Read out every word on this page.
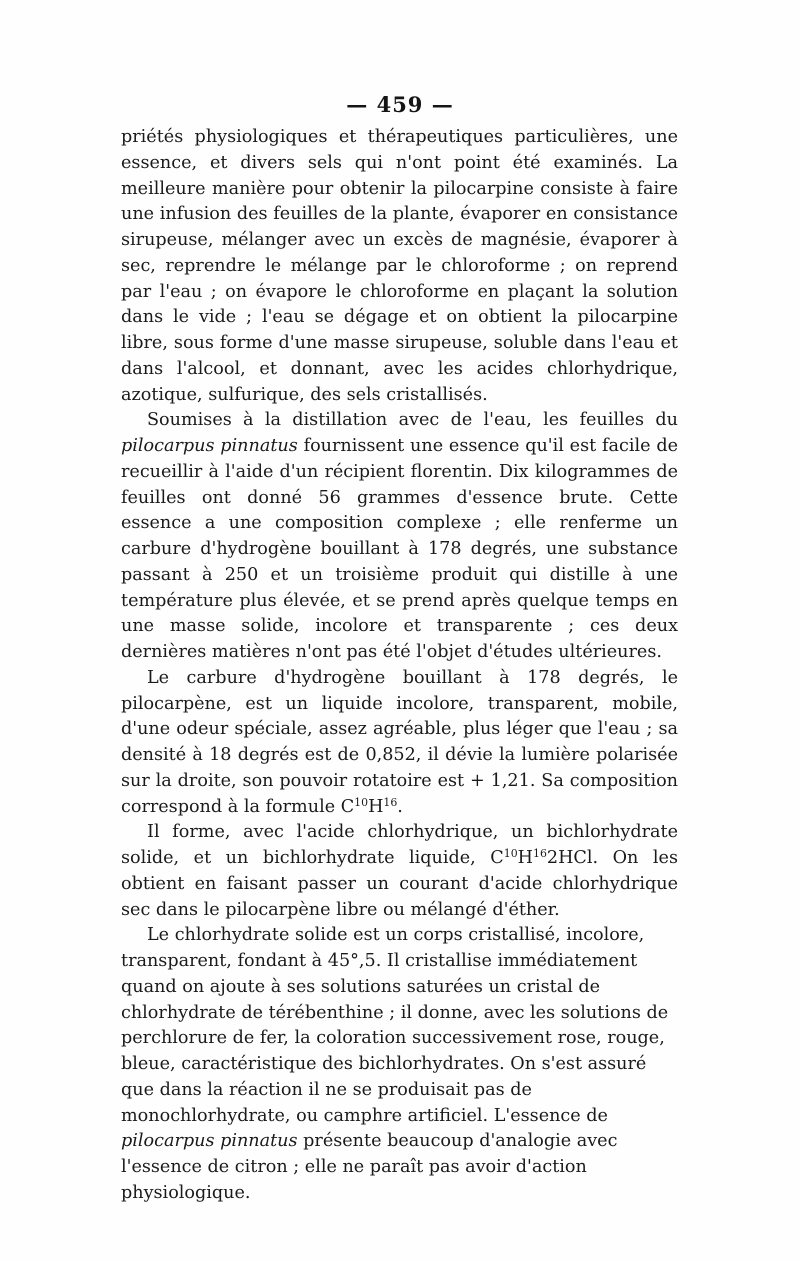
— 459 —

priétés physiologiques et thérapeutiques particulières, une essence, et divers sels qui n'ont point été examinés. La meilleure manière pour obtenir la pilocarpine consiste à faire une infusion des feuilles de la plante, évaporer en consistance sirupeuse, mélanger avec un excès de magnésie, évaporer à sec, reprendre le mélange par le chloroforme ; on reprend par l'eau ; on évapore le chloroforme en plaçant la solution dans le vide ; l'eau se dégage et on obtient la pilocarpine libre, sous forme d'une masse sirupeuse, soluble dans l'eau et dans l'alcool, et donnant, avec les acides chlorhydrique, azotique, sulfurique, des sels cristallisés.

Soumises à la distillation avec de l'eau, les feuilles du pilocarpus pinnatus fournissent une essence qu'il est facile de recueillir à l'aide d'un récipient florentin. Dix kilogrammes de feuilles ont donné 56 grammes d'essence brute. Cette essence a une composition complexe ; elle renferme un carbure d'hydrogène bouillant à 178 degrés, une substance passant à 250 et un troisième produit qui distille à une température plus élevée, et se prend après quelque temps en une masse solide, incolore et transparente ; ces deux dernières matières n'ont pas été l'objet d'études ultérieures.

Le carbure d'hydrogène bouillant à 178 degrés, le pilocarpène, est un liquide incolore, transparent, mobile, d'une odeur spéciale, assez agréable, plus léger que l'eau ; sa densité à 18 degrés est de 0,852, il dévie la lumière polarisée sur la droite, son pouvoir rotatoire est + 1,21. Sa composition correspond à la formule $C^{10}H^{16}$.

Il forme, avec l'acide chlorhydrique, un bichlorhydrate solide, et un bichlorhydrate liquide, $C^{10}H^{16}2HCl$. On les obtient en faisant passer un courant d'acide chlorhydrique sec dans le pilocarpène libre ou mélangé d'éther.

Le chlorhydrate solide est un corps cristallisé, incolore, transparent, fondant à 45°,5. Il cristallise immédiatement quand on ajoute à ses solutions saturées un cristal de chlorhydrate de térébenthine ; il donne, avec les solutions de perchlorure de fer, la coloration successivement rose, rouge, bleue, caractéristique des bichlorhydrates. On s'est assuré que dans la réaction il ne se produisait pas de monochlorhydrate, ou camphre artificiel. L'essence de pilocarpus pinnatus présente beaucoup d'analogie avec l'essence de citron ; elle ne paraît pas avoir d'action physiologique.
